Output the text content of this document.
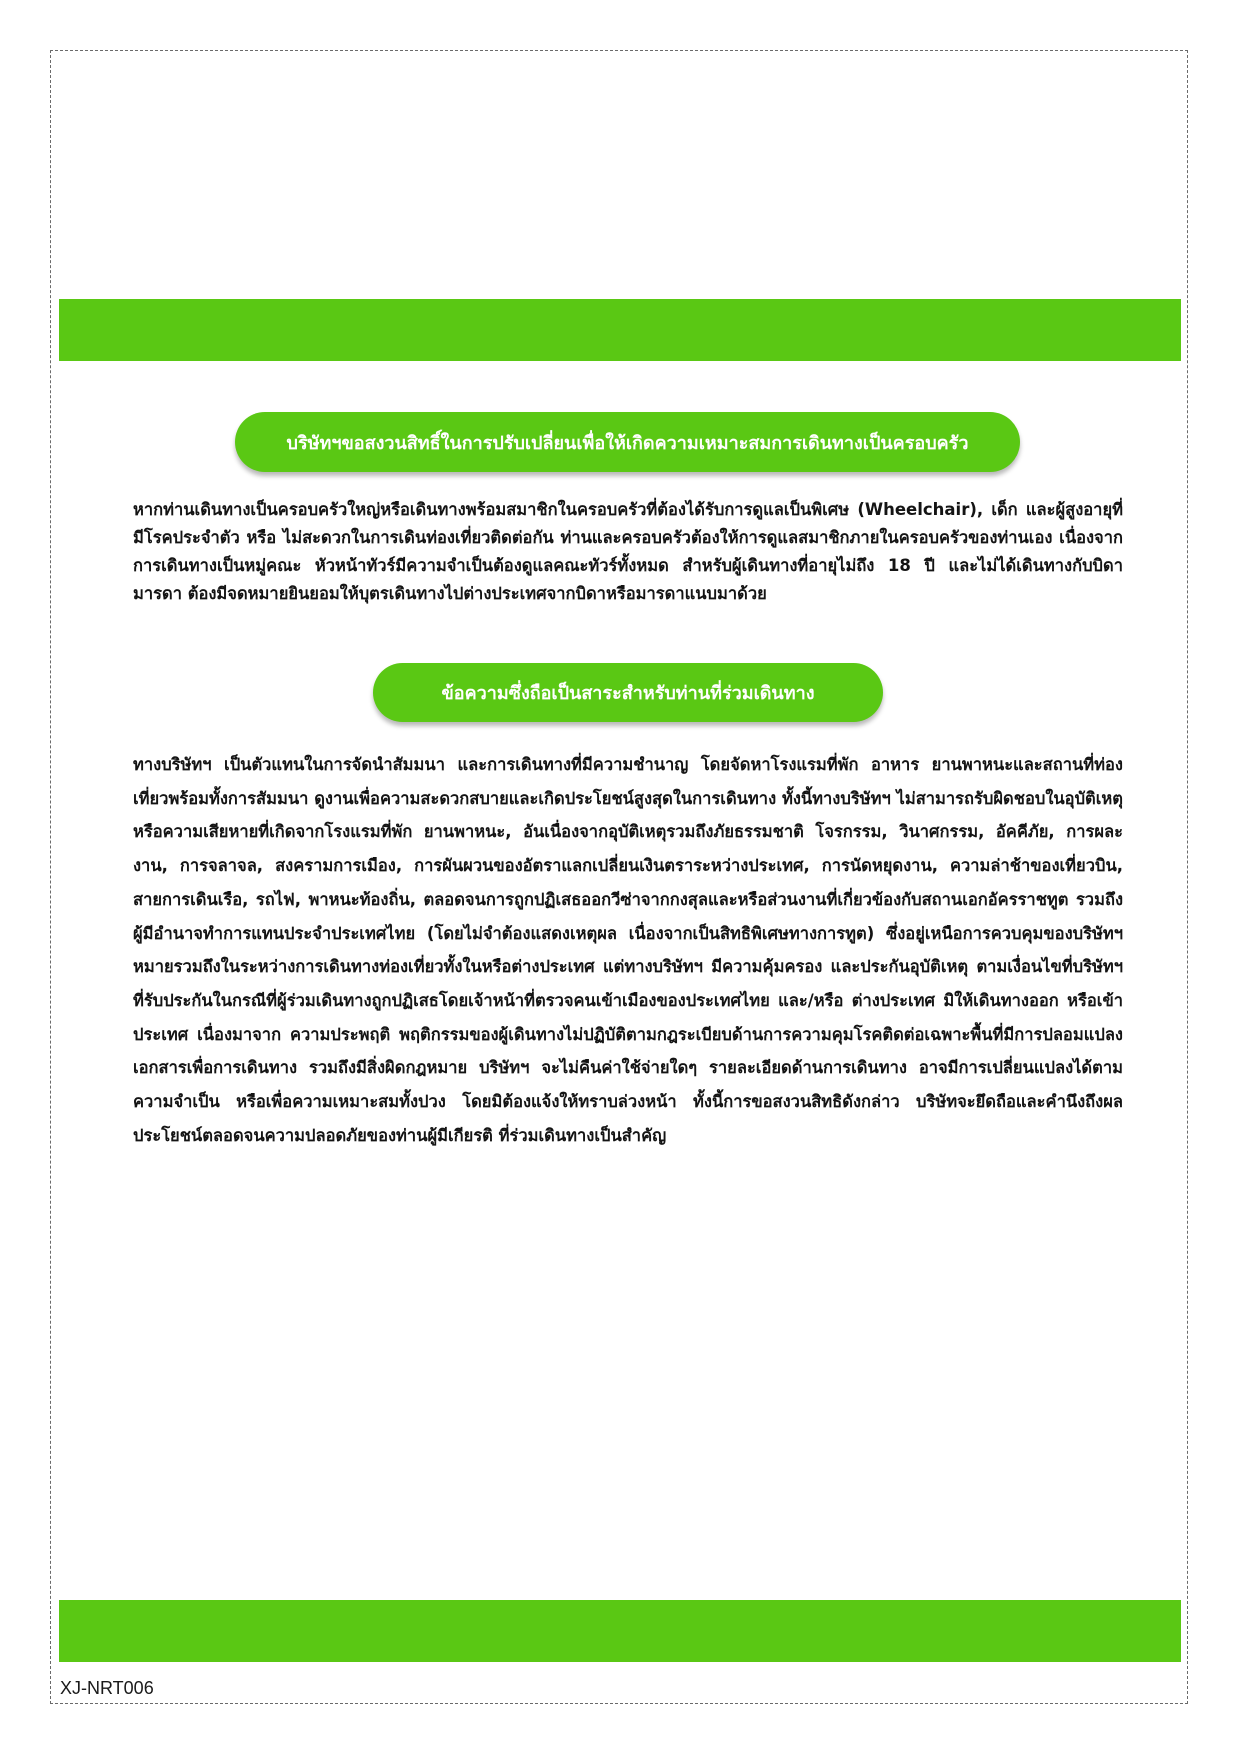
บริษัทฯขอสงวนสิทธิ์ในการปรับเปลี่ยนเพื่อให้เกิดความเหมาะสมการเดินทางเป็นครอบครัว

หากท่านเดินทางเป็นครอบครัวใหญ่หรือเดินทางพร้อมสมาชิกในครอบครัวที่ต้องได้รับการดูแลเป็นพิเศษ (Wheelchair), เด็ก และผู้สูงอายุที่มีโรคประจำตัว หรือ ไม่สะดวกในการเดินท่องเที่ยวติดต่อกัน ท่านและครอบครัวต้องให้การดูแลสมาชิกภายในครอบครัวของท่านเอง เนื่องจากการเดินทางเป็นหมู่คณะ หัวหน้าทัวร์มีความจำเป็นต้องดูแลคณะทัวร์ทั้งหมด สำหรับผู้เดินทางที่อายุไม่ถึง 18 ปี และไม่ได้เดินทางกับบิดา มารดา ต้องมีจดหมายยินยอมให้บุตรเดินทางไปต่างประเทศจากบิดาหรือมารดาแนบมาด้วย

ข้อความซึ่งถือเป็นสาระสำหรับท่านที่ร่วมเดินทาง

ทางบริษัทฯ เป็นตัวแทนในการจัดนำสัมมนา และการเดินทางที่มีความชำนาญ โดยจัดหาโรงแรมที่พัก อาหาร ยานพาหนะและสถานที่ท่องเที่ยวพร้อมทั้งการสัมมนา ดูงานเพื่อความสะดวกสบายและเกิดประโยชน์สูงสุดในการเดินทาง ทั้งนี้ทางบริษัทฯ ไม่สามารถรับผิดชอบในอุบัติเหตุหรือความเสียหายที่เกิดจากโรงแรมที่พัก ยานพาหนะ, อันเนื่องจากอุบัติเหตุรวมถึงภัยธรรมชาติ โจรกรรม, วินาศกรรม, อัคคีภัย, การผละงาน, การจลาจล, สงครามการเมือง, การผันผวนของอัตราแลกเปลี่ยนเงินตราระหว่างประเทศ, การนัดหยุดงาน, ความล่าช้าของเที่ยวบิน, สายการเดินเรือ, รถไฟ, พาหนะท้องถิ่น, ตลอดจนการถูกปฏิเสธออกวีซ่าจากกงสุลและหรือส่วนงานที่เกี่ยวข้องกับสถานเอกอัครราชทูต รวมถึงผู้มีอำนาจทำการแทนประจำประเทศไทย (โดยไม่จำต้องแสดงเหตุผล เนื่องจากเป็นสิทธิพิเศษทางการทูต) ซึ่งอยู่เหนือการควบคุมของบริษัทฯ หมายรวมถึงในระหว่างการเดินทางท่องเที่ยวทั้งในหรือต่างประเทศ แต่ทางบริษัทฯ มีความคุ้มครอง และประกันอุบัติเหตุ ตามเงื่อนไขที่บริษัทฯ ที่รับประกันในกรณีที่ผู้ร่วมเดินทางถูกปฏิเสธโดยเจ้าหน้าที่ตรวจคนเข้าเมืองของประเทศไทย และ/หรือ ต่างประเทศ มิให้เดินทางออก หรือเข้าประเทศ เนื่องมาจาก ความประพฤติ พฤติกรรมของผู้เดินทางไม่ปฏิบัติตามกฎระเบียบด้านการความคุมโรคติดต่อเฉพาะพื้นที่มีการปลอมแปลงเอกสารเพื่อการเดินทาง รวมถึงมีสิ่งผิดกฎหมาย บริษัทฯ จะไม่คืนค่าใช้จ่ายใดๆ รายละเอียดด้านการเดินทาง อาจมีการเปลี่ยนแปลงได้ตามความจำเป็น หรือเพื่อความเหมาะสมทั้งปวง โดยมิต้องแจ้งให้ทราบล่วงหน้า ทั้งนี้การขอสงวนสิทธิดังกล่าว บริษัทจะยึดถือและคำนึงถึงผลประโยชน์ตลอดจนความปลอดภัยของท่านผู้มีเกียรติ ที่ร่วมเดินทางเป็นสำคัญ

XJ-NRT006
